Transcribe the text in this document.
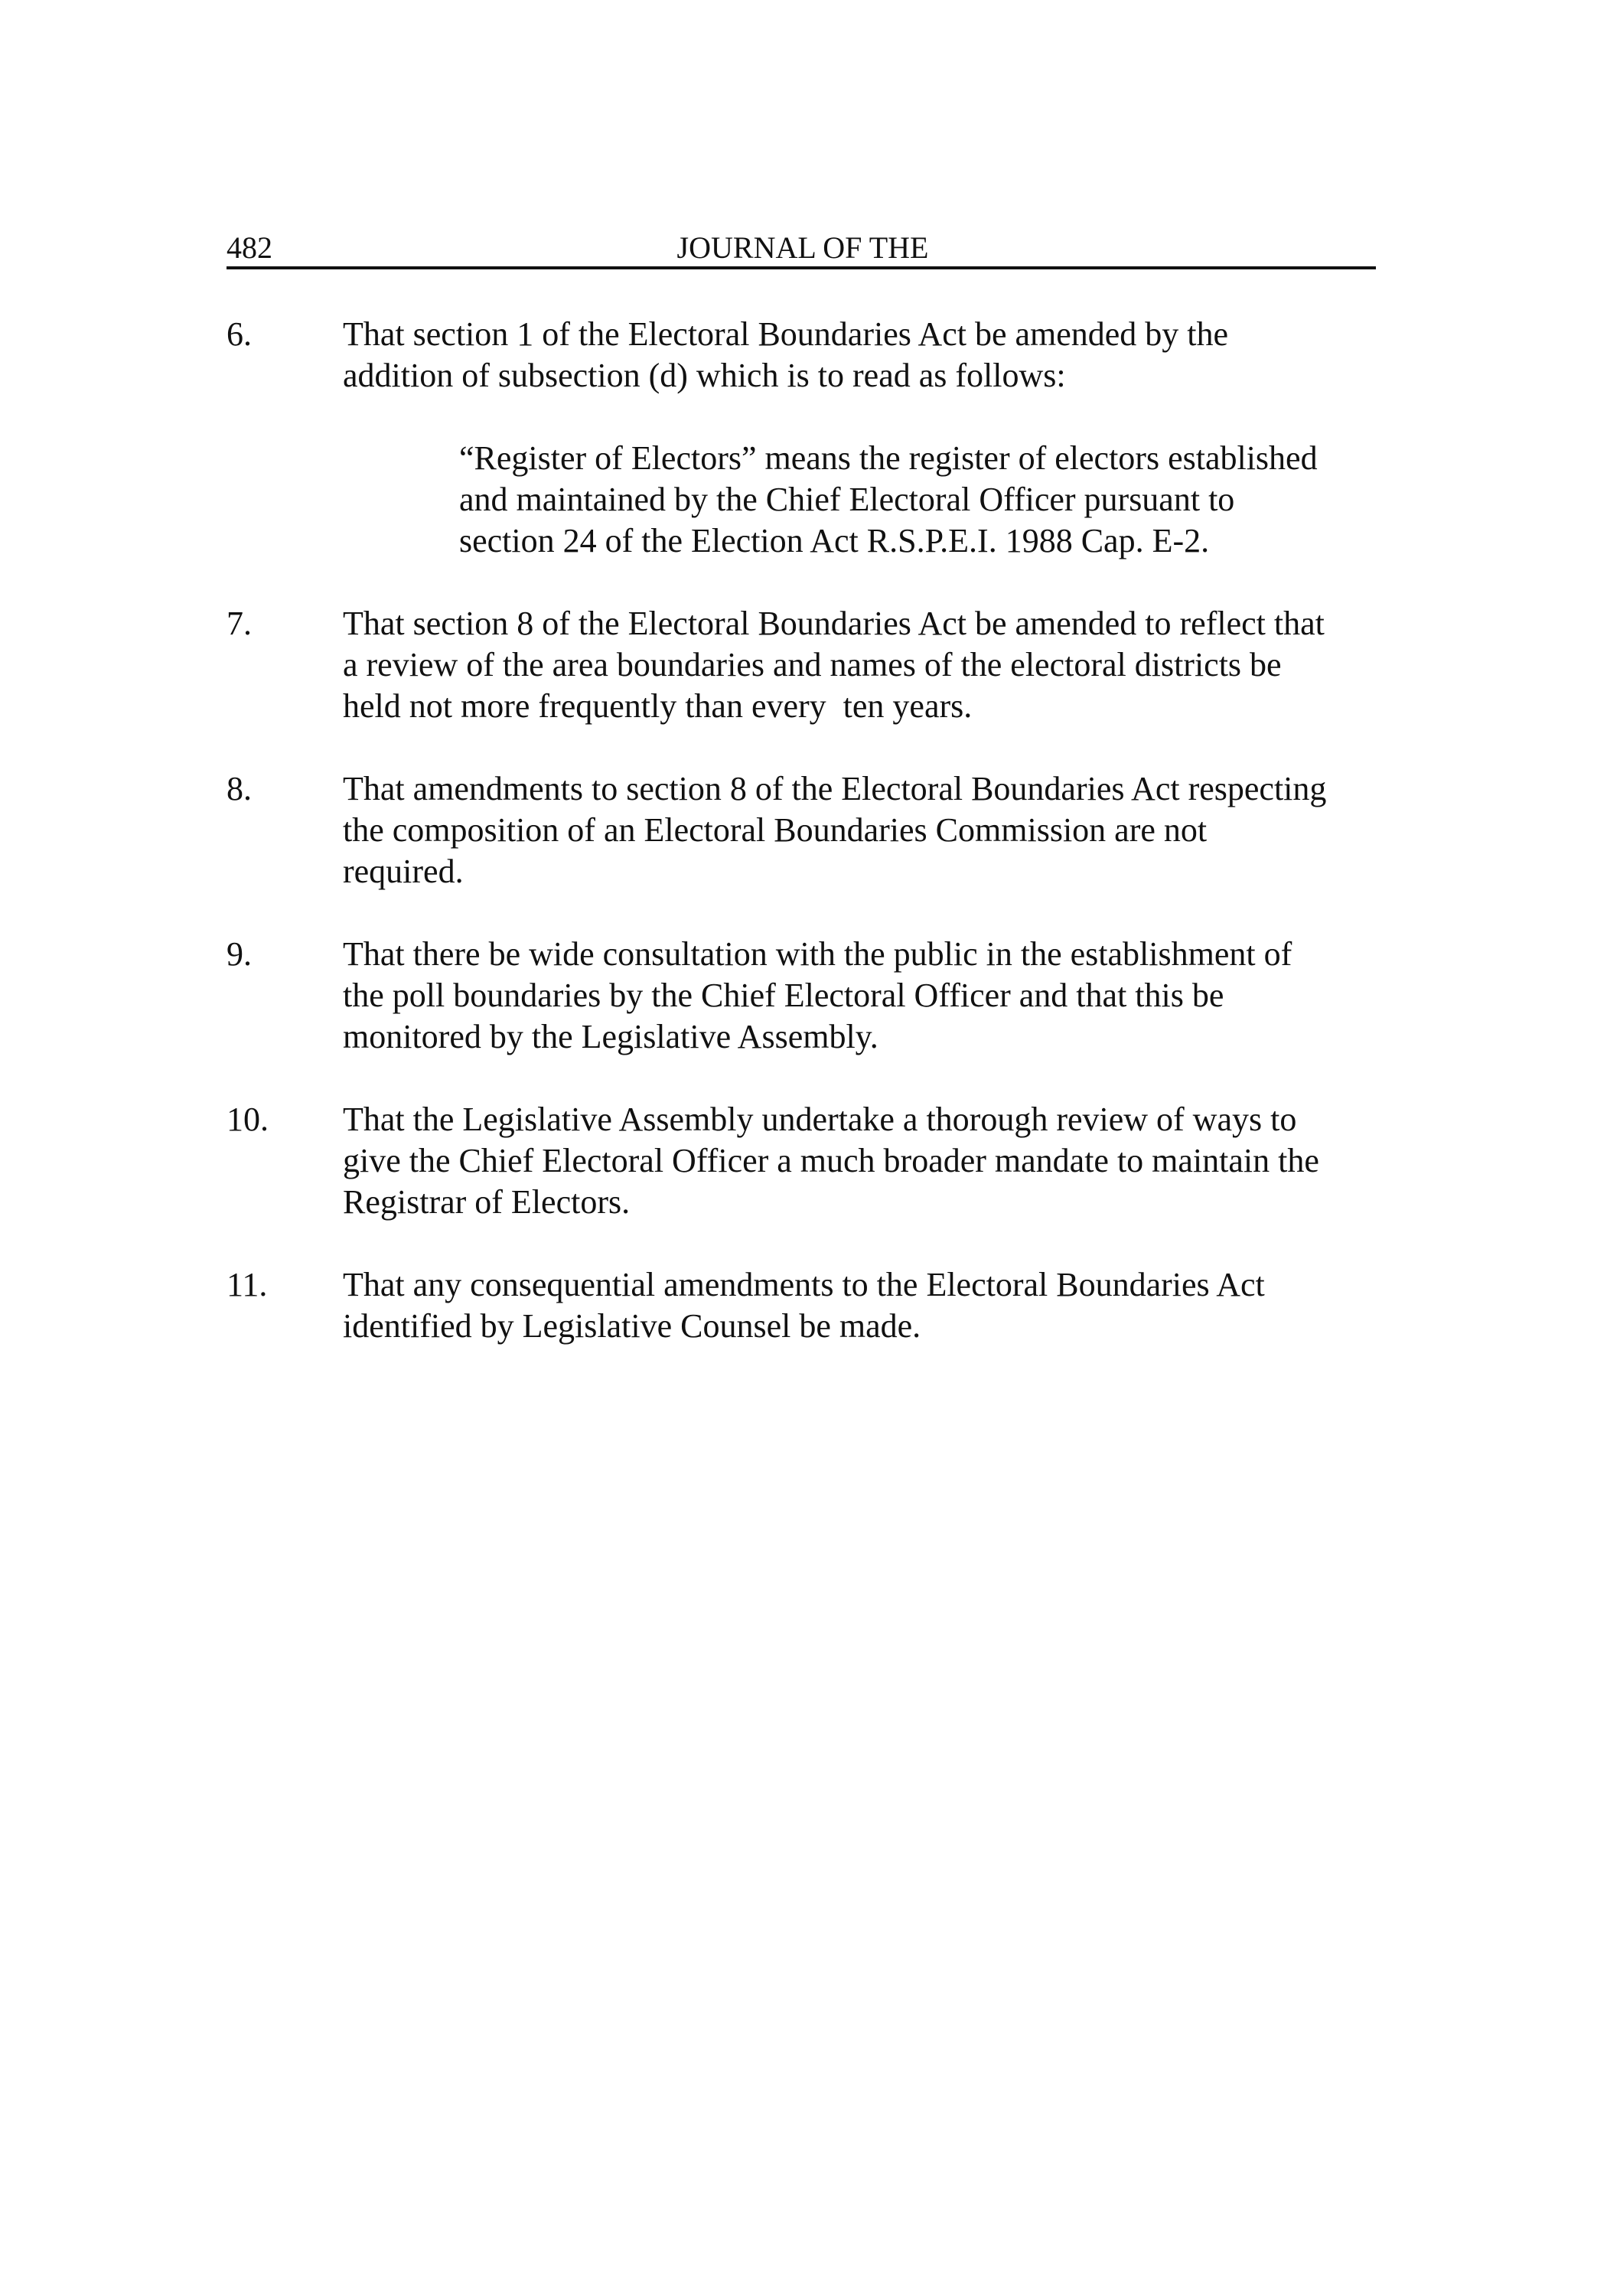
482	JOURNAL OF THE
6.	That section 1 of the Electoral Boundaries Act be amended by the
addition of subsection (d) which is to read as follows:
“Register of Electors” means the register of electors established
and maintained by the Chief Electoral Officer pursuant to
section 24 of the Election Act R.S.P.E.I. 1988 Cap. E-2.
7.	That section 8 of the Electoral Boundaries Act be amended to reflect that
a review of the area boundaries and names of the electoral districts be
held not more frequently than every  ten years.
8.	That amendments to section 8 of the Electoral Boundaries Act respecting
the composition of an Electoral Boundaries Commission are not
required.
9.	That there be wide consultation with the public in the establishment of
the poll boundaries by the Chief Electoral Officer and that this be
monitored by the Legislative Assembly.
10.	That the Legislative Assembly undertake a thorough review of ways to
give the Chief Electoral Officer a much broader mandate to maintain the
Registrar of Electors.
11.	That any consequential amendments to the Electoral Boundaries Act
identified by Legislative Counsel be made.
